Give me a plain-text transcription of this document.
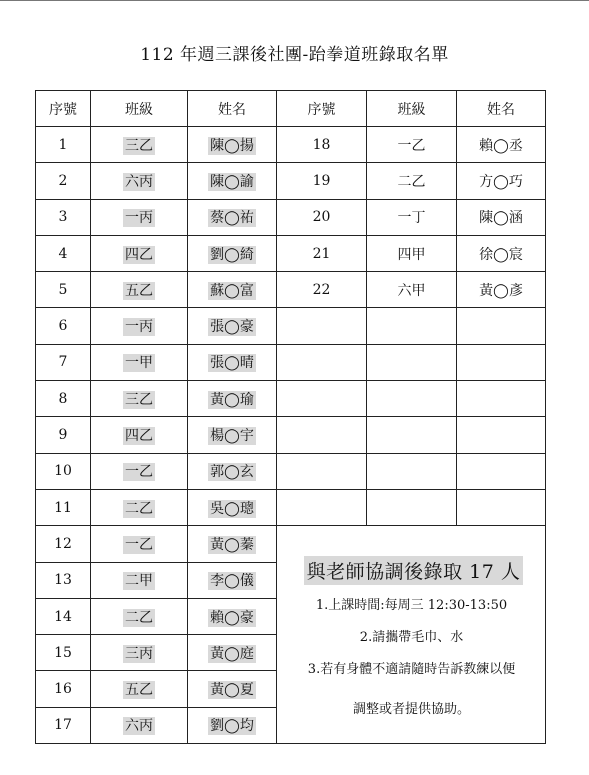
112 年週三課後社團-跆拳道班錄取名單
序號	班級	姓名	序號	班級	姓名
1	三乙	陳◯揚	18	一乙	賴◯丞
2	六丙	陳◯諭	19	二乙	方◯巧
3	一丙	蔡◯祐	20	一丁	陳◯涵
4	四乙	劉◯綺	21	四甲	徐◯宸
5	五乙	蘇◯富	22	六甲	黃◯彥
6	一丙	張◯豪			
7	一甲	張◯晴			
8	三乙	黃◯瑜			
9	四乙	楊◯宇			
10	一乙	郭◯玄			
11	二乙	吳◯璁			
12	一乙	黃◯蓁	與老師協調後錄取 17 人
1.上課時間:每周三 12:30-13:50
2.請攜帶毛巾、水
3.若有身體不適請隨時告訴教練以便
調整或者提供協助。		

13	二甲	李◯儀			
14	二乙	賴◯豪			
15	三丙	黃◯庭			
16	五乙	黃◯夏			
17	六丙	劉◯均			
